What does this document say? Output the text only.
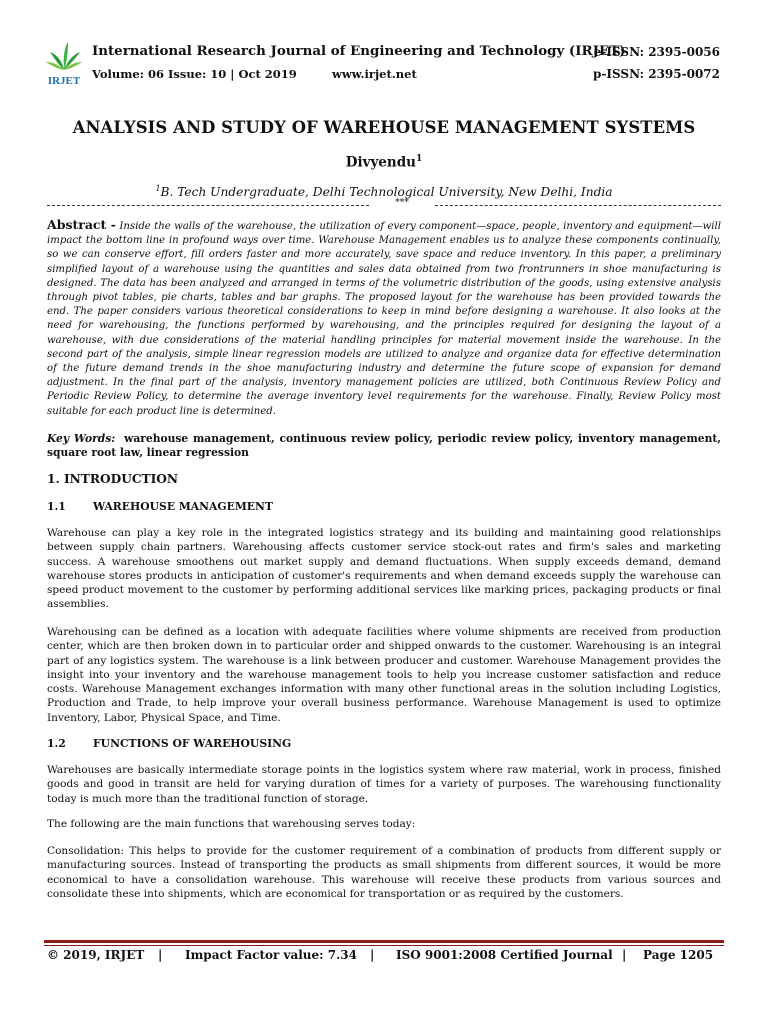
IRJET
International Research Journal of Engineering and Technology (IRJET)
e-ISSN: 2395-0056
Volume: 06 Issue: 10 | Oct 2019	www.irjet.net	p-ISSN: 2395-0072
ANALYSIS AND STUDY OF WAREHOUSE MANAGEMENT SYSTEMS
Divyendu$^1$
$^1$B. Tech Undergraduate, Delhi Technological University, New Delhi, India
***
Abstract - Inside the walls of the warehouse, the utilization of every component—space, people, inventory and equipment—will impact the bottom line in profound ways over time. Warehouse Management enables us to analyze these components continually, so we can conserve effort, fill orders faster and more accurately, save space and reduce inventory. In this paper, a preliminary simplified layout of a warehouse using the quantities and sales data obtained from two frontrunners in shoe manufacturing is designed. The data has been analyzed and arranged in terms of the volumetric distribution of the goods, using extensive analysis through pivot tables, pie charts, tables and bar graphs. The proposed layout for the warehouse has been provided towards the end. The paper considers various theoretical considerations to keep in mind before designing a warehouse. It also looks at the need for warehousing, the functions performed by warehousing, and the principles required for designing the layout of a warehouse, with due considerations of the material handling principles for material movement inside the warehouse. In the second part of the analysis, simple linear regression models are utilized to analyze and organize data for effective determination of the future demand trends in the shoe manufacturing industry and determine the future scope of expansion for demand adjustment. In the final part of the analysis, inventory management policies are utilized, both Continuous Review Policy and Periodic Review Policy, to determine the average inventory level requirements for the warehouse. Finally, Review Policy most suitable for each product line is determined.
Key Words: warehouse management, continuous review policy, periodic review policy, inventory management, square root law, linear regression
1. INTRODUCTION
1.1	WAREHOUSE MANAGEMENT
Warehouse can play a key role in the integrated logistics strategy and its building and maintaining good relationships between supply chain partners. Warehousing affects customer service stock-out rates and firm's sales and marketing success. A warehouse smoothens out market supply and demand fluctuations. When supply exceeds demand, demand warehouse stores products in anticipation of customer's requirements and when demand exceeds supply the warehouse can speed product movement to the customer by performing additional services like marking prices, packaging products or final assemblies.
Warehousing can be defined as a location with adequate facilities where volume shipments are received from production center, which are then broken down in to particular order and shipped onwards to the customer. Warehousing is an integral part of any logistics system. The warehouse is a link between producer and customer. Warehouse Management provides the insight into your inventory and the warehouse management tools to help you increase customer satisfaction and reduce costs. Warehouse Management exchanges information with many other functional areas in the solution including Logistics, Production and Trade, to help improve your overall business performance. Warehouse Management is used to optimize Inventory, Labor, Physical Space, and Time.
1.2	FUNCTIONS OF WAREHOUSING
Warehouses are basically intermediate storage points in the logistics system where raw material, work in process, finished goods and good in transit are held for varying duration of times for a variety of purposes. The warehousing functionality today is much more than the traditional function of storage.
The following are the main functions that warehousing serves today:
Consolidation: This helps to provide for the customer requirement of a combination of products from different supply or manufacturing sources. Instead of transporting the products as small shipments from different sources, it would be more economical to have a consolidation warehouse. This warehouse will receive these products from various sources and consolidate these into shipments, which are economical for transportation or as required by the customers.
© 2019, IRJET | Impact Factor value: 7.34 | ISO 9001:2008 Certified Journal | Page 1205
